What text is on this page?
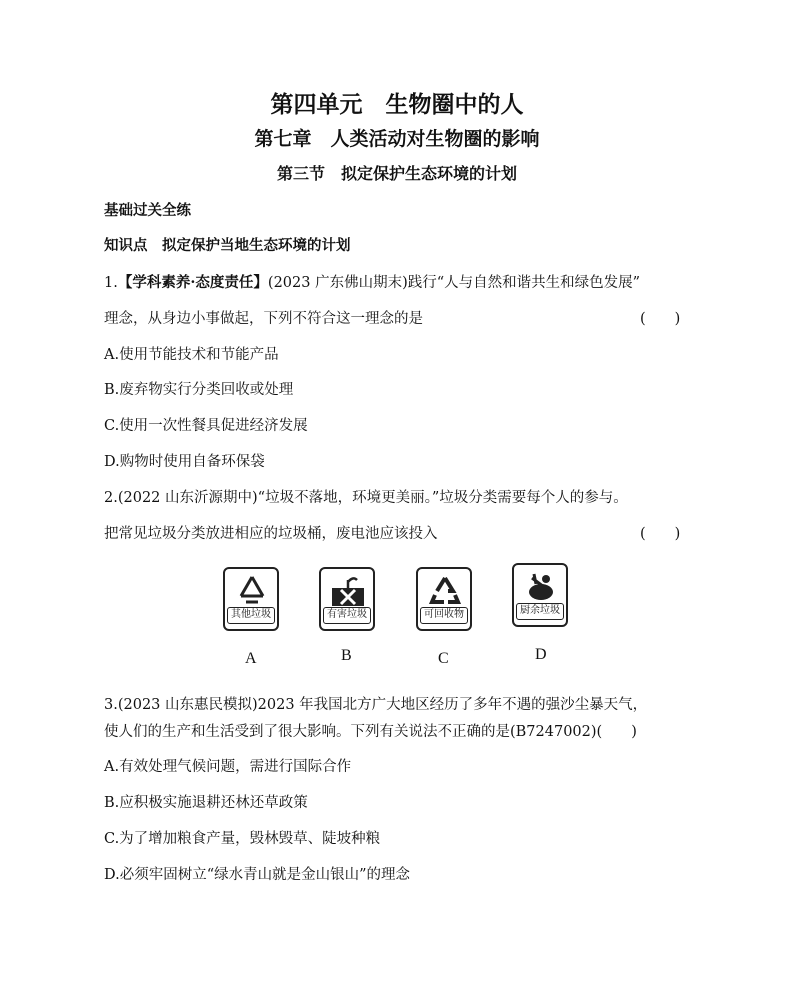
第四单元　生物圈中的人
第七章　人类活动对生物圈的影响
第三节　拟定保护生态环境的计划
基础过关全练
知识点　拟定保护当地生态环境的计划
1.【学科素养·态度责任】(2023 广东佛山期末)践行“人与自然和谐共生和绿色发展”
理念，从身边小事做起，下列不符合这一理念的是	(　　)
A.使用节能技术和节能产品
B.废弃物实行分类回收或处理
C.使用一次性餐具促进经济发展
D.购物时使用自备环保袋
2.(2022 山东沂源期中)“垃圾不落地，环境更美丽。”垃圾分类需要每个人的参与。
把常见垃圾分类放进相应的垃圾桶，废电池应该投入	(　　)
其他垃圾	有害垃圾	可回收物	厨余垃圾
A	B	C	D
3.(2023 山东惠民模拟)2023 年我国北方广大地区经历了多年不遇的强沙尘暴天气，
使人们的生产和生活受到了很大影响。下列有关说法不正确的是(B7247002)(　　)
A.有效处理气候问题，需进行国际合作
B.应积极实施退耕还林还草政策
C.为了增加粮食产量，毁林毁草、陡坡种粮
D.必须牢固树立“绿水青山就是金山银山”的理念
